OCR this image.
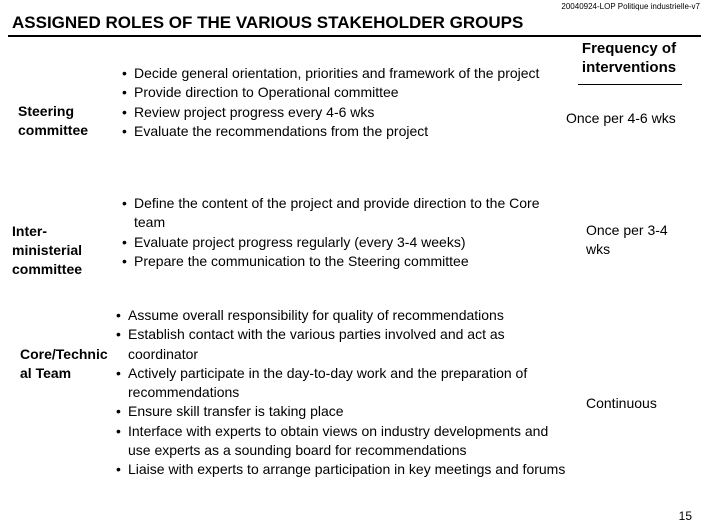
20040924-LOP Politique industrielle-v7
ASSIGNED ROLES OF THE VARIOUS STAKEHOLDER GROUPS
Frequency of interventions
Steering committee
• Decide general orientation, priorities and framework of the project
• Provide direction to Operational committee
• Review project progress every 4-6 wks
• Evaluate the recommendations from the project
Once per 4-6 wks
Inter-ministerial committee
• Define the content of the project and provide direction to the Core team
• Evaluate project progress regularly (every 3-4 weeks)
• Prepare the communication to the Steering committee
Once per 3-4 wks
Core/Technical Team
• Assume overall responsibility for quality of recommendations
• Establish contact with the various parties involved and act as coordinator
• Actively participate in the day-to-day work and the preparation of recommendations
• Ensure skill transfer is taking place
• Interface with experts to obtain views on industry developments and use experts as a sounding board for recommendations
• Liaise with experts to arrange participation in key meetings and forums
Continuous
15
